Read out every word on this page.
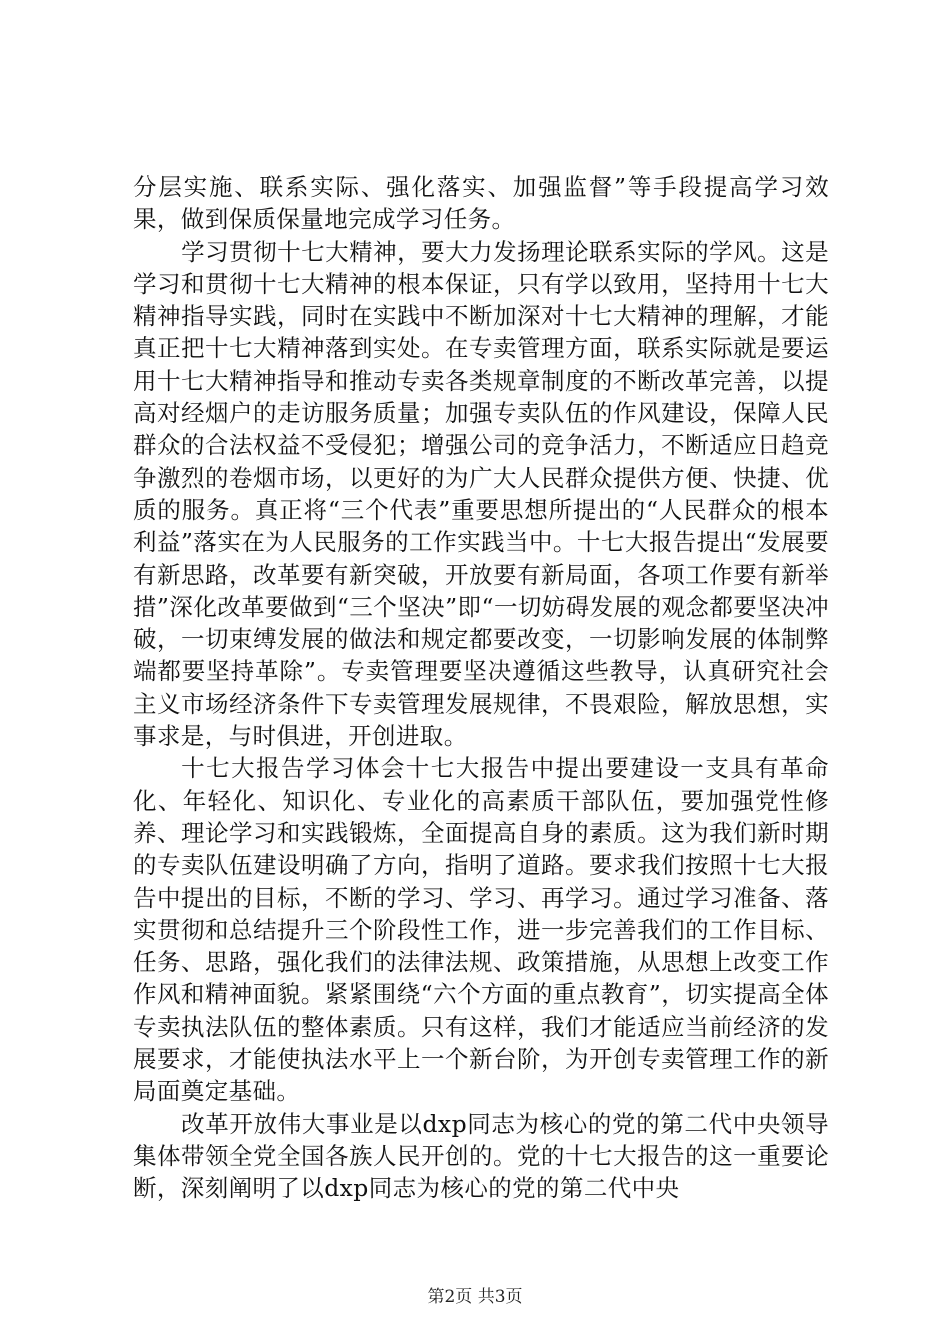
分层实施、联系实际、强化落实、加强监督”等手段提高学习效果，做到保质保量地完成学习任务。

学习贯彻十七大精神，要大力发扬理论联系实际的学风。这是学习和贯彻十七大精神的根本保证，只有学以致用，坚持用十七大精神指导实践，同时在实践中不断加深对十七大精神的理解，才能真正把十七大精神落到实处。在专卖管理方面，联系实际就是要运用十七大精神指导和推动专卖各类规章制度的不断改革完善，以提高对经烟户的走访服务质量；加强专卖队伍的作风建设，保障人民群众的合法权益不受侵犯；增强公司的竞争活力，不断适应日趋竞争激烈的卷烟市场，以更好的为广大人民群众提供方便、快捷、优质的服务。真正将“三个代表”重要思想所提出的“人民群众的根本利益”落实在为人民服务的工作实践当中。十七大报告提出“发展要有新思路，改革要有新突破，开放要有新局面，各项工作要有新举措”深化改革要做到“三个坚决”即“一切妨碍发展的观念都要坚决冲破，一切束缚发展的做法和规定都要改变，一切影响发展的体制弊端都要坚持革除”。专卖管理要坚决遵循这些教导，认真研究社会主义市场经济条件下专卖管理发展规律，不畏艰险，解放思想，实事求是，与时俱进，开创进取。

十七大报告学习体会十七大报告中提出要建设一支具有革命化、年轻化、知识化、专业化的高素质干部队伍，要加强党性修养、理论学习和实践锻炼，全面提高自身的素质。这为我们新时期的专卖队伍建设明确了方向，指明了道路。要求我们按照十七大报告中提出的目标，不断的学习、学习、再学习。通过学习准备、落实贯彻和总结提升三个阶段性工作，进一步完善我们的工作目标、任务、思路，强化我们的法律法规、政策措施，从思想上改变工作作风和精神面貌。紧紧围绕“六个方面的重点教育”，切实提高全体专卖执法队伍的整体素质。只有这样，我们才能适应当前经济的发展要求，才能使执法水平上一个新台阶，为开创专卖管理工作的新局面奠定基础。

改革开放伟大事业是以dxp同志为核心的党的第二代中央领导集体带领全党全国各族人民开创的。党的十七大报告的这一重要论断，深刻阐明了以dxp同志为核心的党的第二代中央

第2页 共3页
